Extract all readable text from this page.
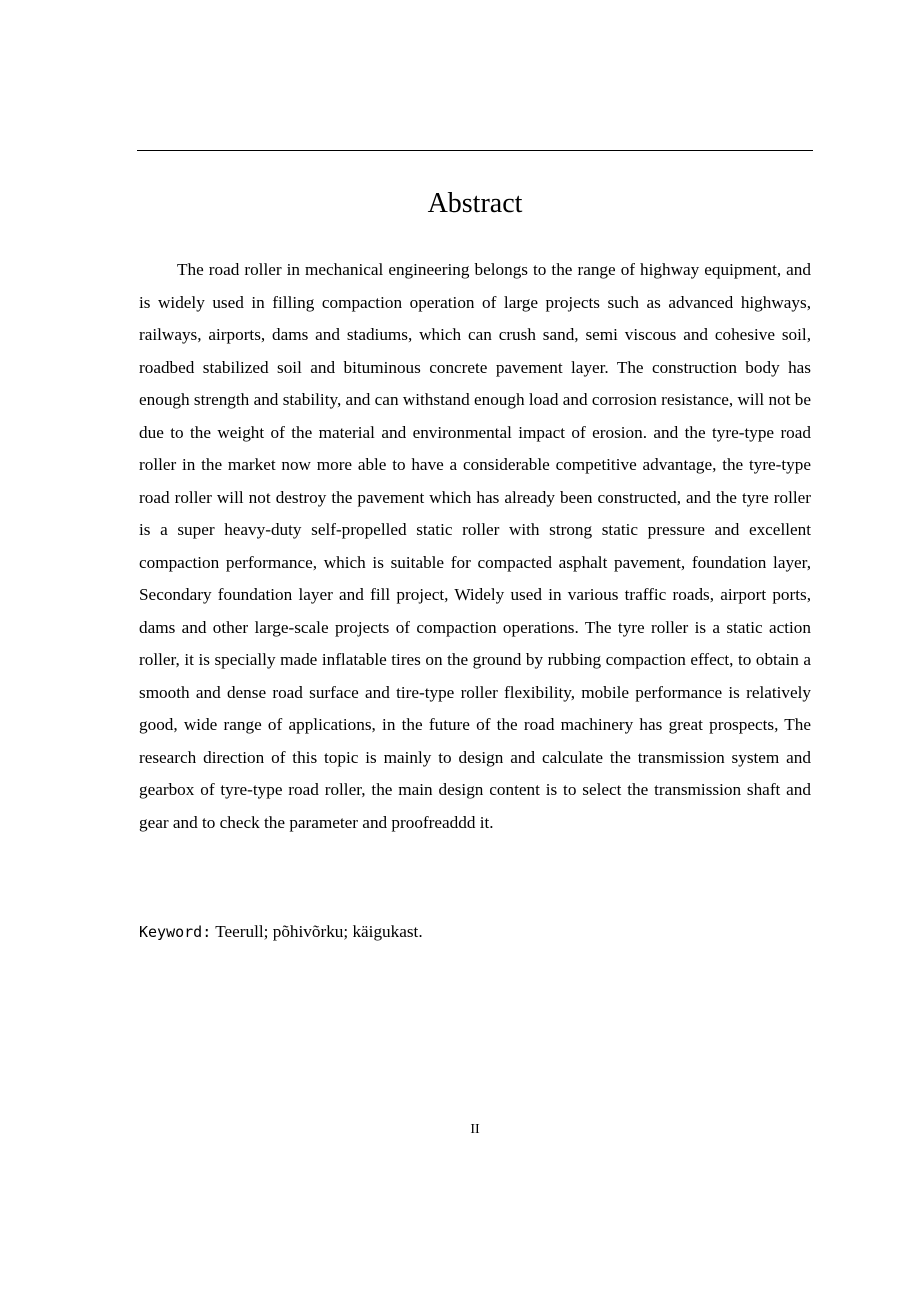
Abstract

The road roller in mechanical engineering belongs to the range of highway equipment, and is widely used in filling compaction operation of large projects such as advanced highways, railways, airports, dams and stadiums, which can crush sand, semi viscous and cohesive soil, roadbed stabilized soil and bituminous concrete pavement layer. The construction body has enough strength and stability, and can withstand enough load and corrosion resistance, will not be due to the weight of the material and environmental impact of erosion. and the tyre-type road roller in the market now more able to have a considerable competitive advantage, the tyre-type road roller will not destroy the pavement which has already been constructed, and the tyre roller is a super heavy-duty self-propelled static roller with strong static pressure and excellent compaction performance, which is suitable for compacted asphalt pavement, foundation layer, Secondary foundation layer and fill project, Widely used in various traffic roads, airport ports, dams and other large-scale projects of compaction operations. The tyre roller is a static action roller, it is specially made inflatable tires on the ground by rubbing compaction effect, to obtain a smooth and dense road surface and tire-type roller flexibility, mobile performance is relatively good, wide range of applications, in the future of the road machinery has great prospects, The research direction of this topic is mainly to design and calculate the transmission system and gearbox of tyre-type road roller, the main design content is to select the transmission shaft and gear and to check the parameter and proofreaddd it.

Keyword: Teerull; põhivõrku; käigukast.

II
